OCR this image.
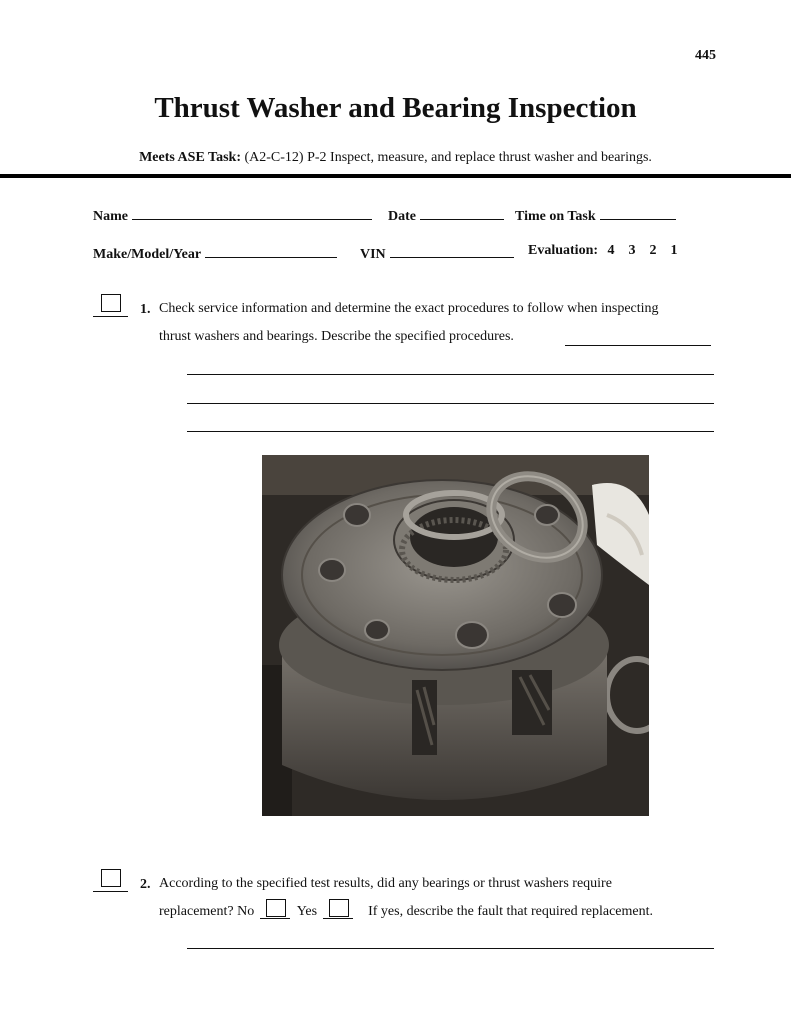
445
Thrust Washer and Bearing Inspection
Meets ASE Task: (A2-C-12) P-2 Inspect, measure, and replace thrust washer and bearings.
Name	Date	Time on Task
Make/Model/Year	VIN	Evaluation: 4    3    2    1
1. Check service information and determine the exact procedures to follow when inspecting
thrust washers and bearings. Describe the specified procedures.
2. According to the specified test results, did any bearings or thrust washers require
replacement? No	Yes	If yes, describe the fault that required replacement.
